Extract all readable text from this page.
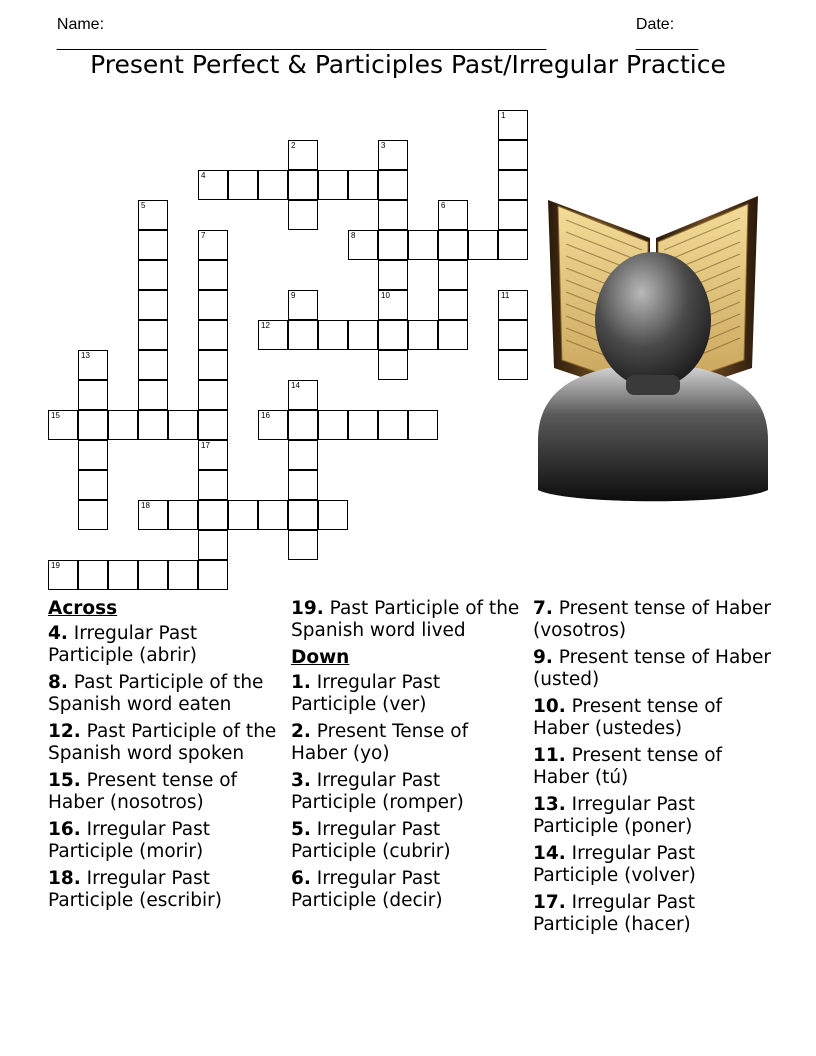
Name:
_______________________________________________________

Date:
_______

Present Perfect & Participles Past/Irregular Practice
1
2	3
10
4
5	6
7	8
9	11
12
13
14
15	16
17
18
19
Across
4. Irregular Past Participle (abrir)
8. Past Participle of the Spanish word eaten
12. Past Participle of the Spanish word spoken
15. Present tense of Haber (nosotros)
16. Irregular Past Participle (morir)
18. Irregular Past Participle (escribir)
19. Past Participle of the Spanish word lived
Down
1. Irregular Past Participle (ver)
2. Present Tense of Haber (yo)
3. Irregular Past Participle (romper)
5. Irregular Past Participle (cubrir)
6. Irregular Past Participle (decir)
7. Present tense of Haber (vosotros)
9. Present tense of Haber (usted)
10. Present tense of Haber (ustedes)
11. Present tense of Haber (tú)
13. Irregular Past Participle (poner)
14. Irregular Past Participle (volver)
17. Irregular Past Participle (hacer)
